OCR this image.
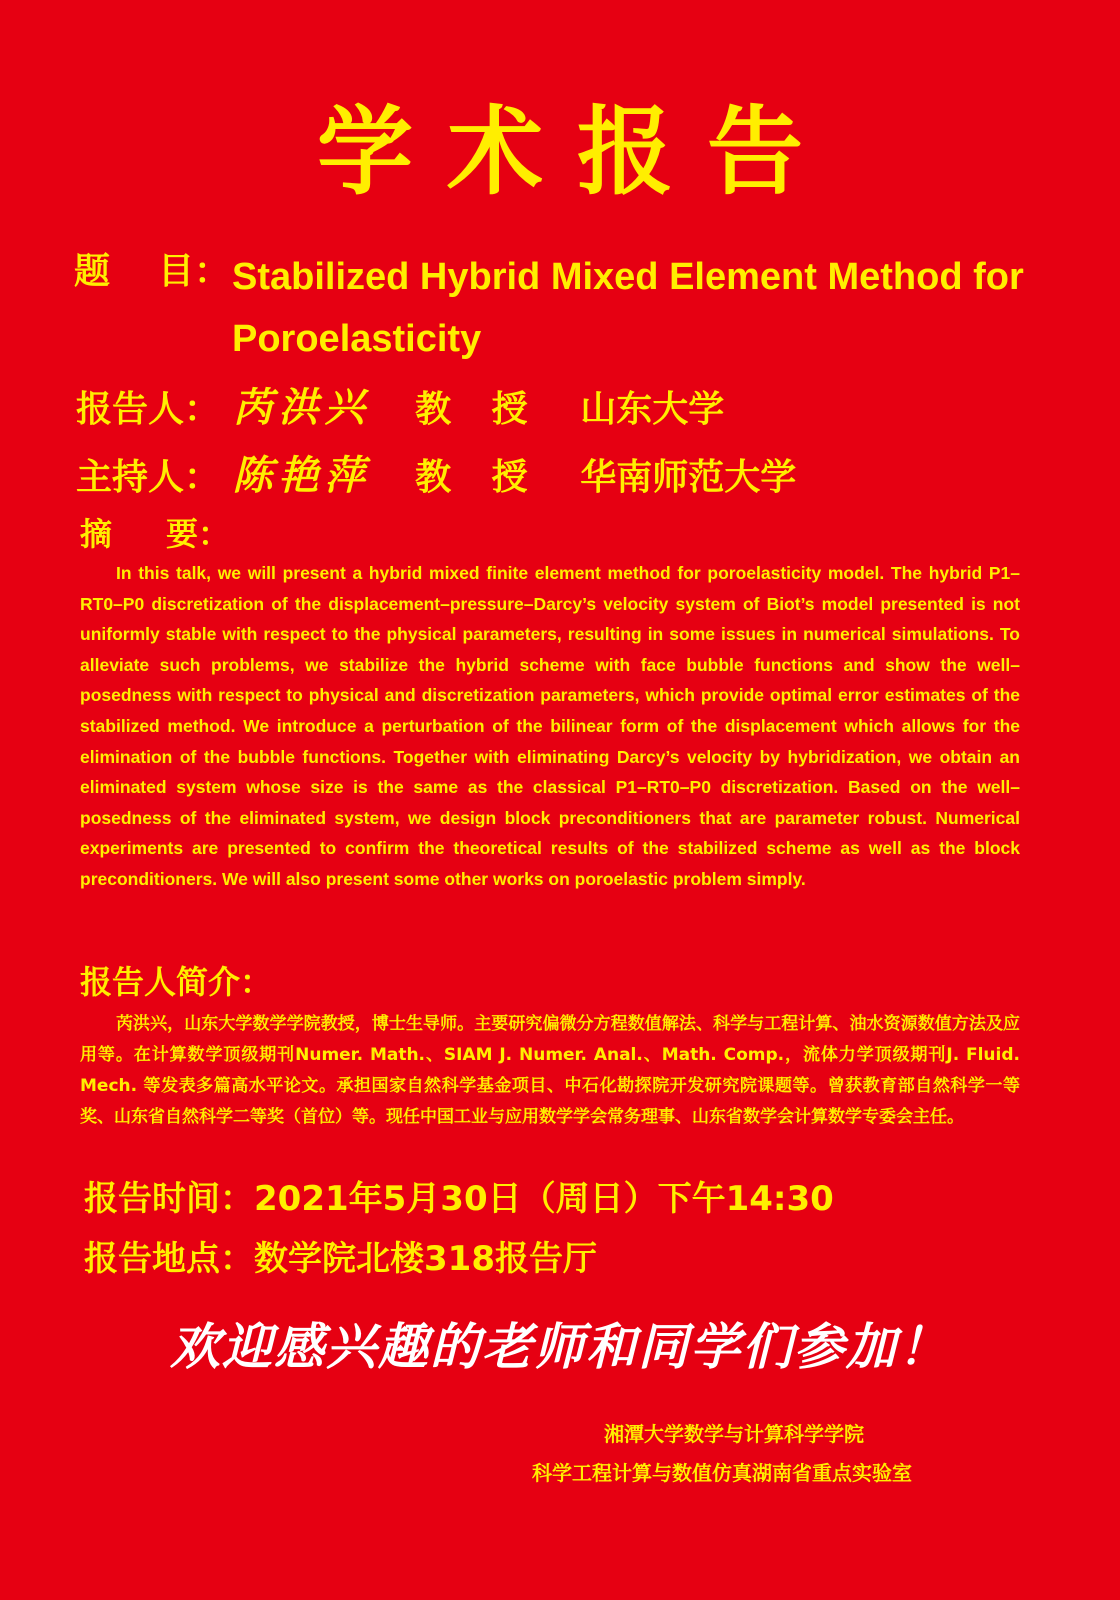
学术报告
题 目： Stabilized Hybrid Mixed Element Method for Poroelasticity
报告人： 芮洪兴 教 授 山东大学
主持人： 陈艳萍 教 授 华南师范大学
摘 要：

In this talk, we will present a hybrid mixed finite element method for poroelasticity model. The hybrid P1–RT0–P0 discretization of the displacement–pressure–Darcy’s velocity system of Biot’s model presented is not uniformly stable with respect to the physical parameters, resulting in some issues in numerical simulations. To alleviate such problems, we stabilize the hybrid scheme with face bubble functions and show the well–posedness with respect to physical and discretization parameters, which provide optimal error estimates of the stabilized method. We introduce a perturbation of the bilinear form of the displacement which allows for the elimination of the bubble functions. Together with eliminating Darcy’s velocity by hybridization, we obtain an eliminated system whose size is the same as the classical P1–RT0–P0 discretization. Based on the well–posedness of the eliminated system, we design block preconditioners that are parameter robust. Numerical experiments are presented to confirm the theoretical results of the stabilized scheme as well as the block preconditioners. We will also present some other works on poroelastic problem simply.

报告人简介：

芮洪兴，山东大学数学学院教授，博士生导师。主要研究偏微分方程数值解法、科学与工程计算、油水资源数值方法及应用等。在计算数学顶级期刊Numer. Math.、SIAM J. Numer. Anal.、Math. Comp.，流体力学顶级期刊J. Fluid. Mech. 等发表多篇高水平论文。承担国家自然科学基金项目、中石化勘探院开发研究院课题等。曾获教育部自然科学一等奖、山东省自然科学二等奖（首位）等。现任中国工业与应用数学学会常务理事、山东省数学会计算数学专委会主任。

报告时间：2021年5月30日（周日）下午14:30
报告地点：数学院北楼318报告厅
欢迎感兴趣的老师和同学们参加！
湘潭大学数学与计算科学学院
科学工程计算与数值仿真湖南省重点实验室
